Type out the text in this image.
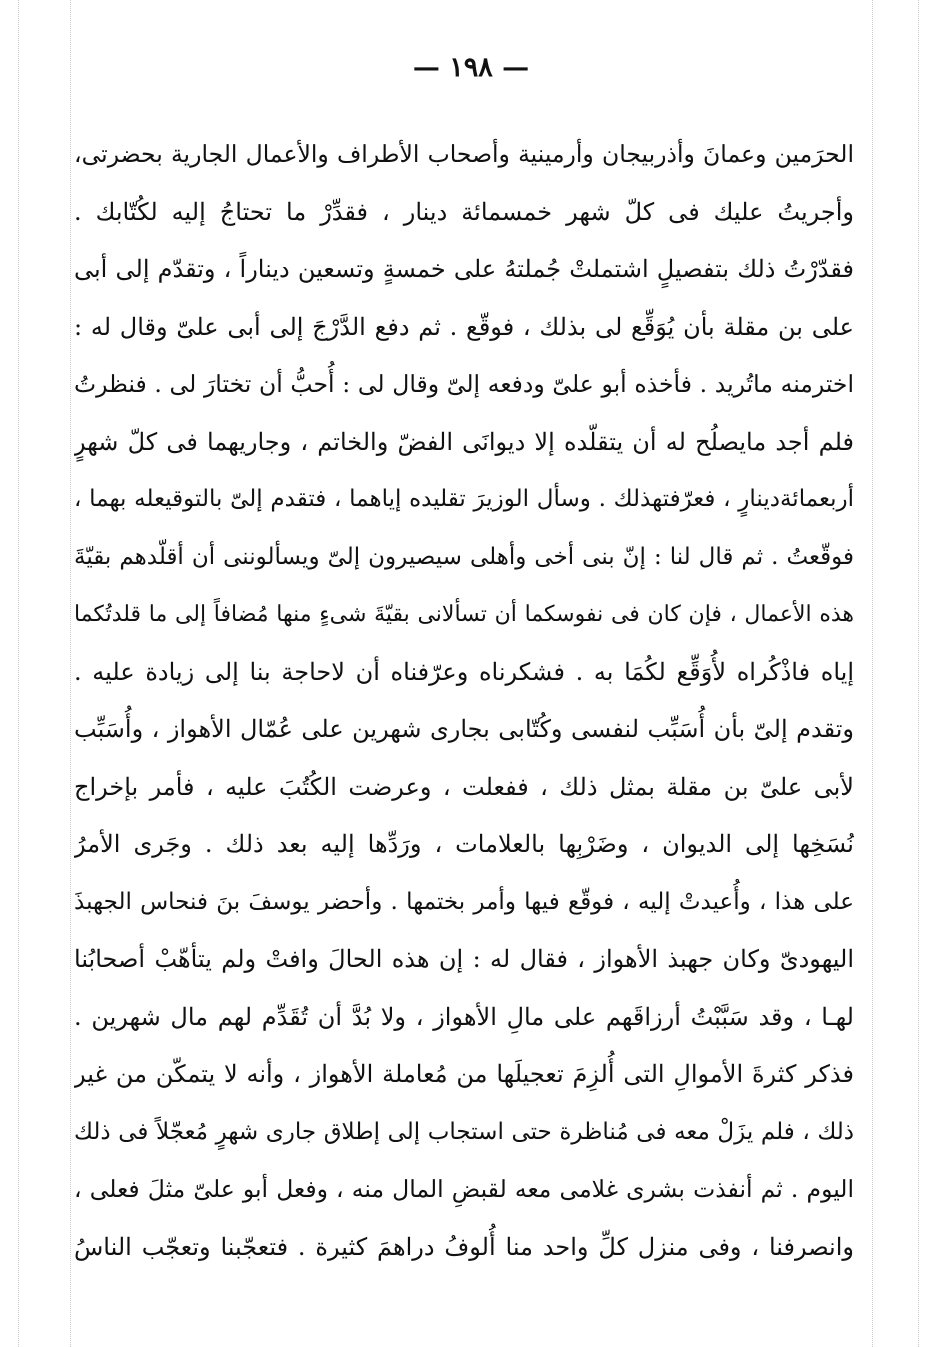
— ١٩٨ —
الحرَمين وعمانَ وأذربيجان وأرمينية وأصحاب الأطراف والأعمال الجارية بحضرتى،
وأجريتُ عليك فى كلّ شهر خمسمائة دينار ، فقدِّرْ ما تحتاجُ إليه لكُتّابك .
فقدّرْتُ ذلك بتفصيلٍ اشتملتْ جُملتهُ على خمسةٍ وتسعين ديناراً ، وتقدّم إلى أبى
على بن مقلة بأن يُوَقِّع لى بذلك ، فوقّع . ثم دفع الدَّرْجَ إلى أبى علىّ وقال له :
اخترمنه ماتُريد . فأخذه أبو علىّ ودفعه إلىّ وقال لى : أُحبُّ أن تختارَ لى . فنظرتُ
فلم أجد مايصلُح له أن يتقلّده إلا ديوانَى الفضّ والخاتم ، وجاريهما فى كلّ شهرٍ
أربعمائةدينارٍ ، فعرّفتهذلك . وسأل الوزيرَ تقليده إياهما ، فتقدم إلىّ بالتوقيعله بهما ،
فوقّعتُ . ثم قال لنا : إنّ بنى أخى وأهلى سيصيرون إلىّ ويسألوننى أن أقلّدهم بقيّةَ
هذه الأعمال ، فإن كان فى نفوسكما أن تسألانى بقيّةَ شىءٍ منها مُضافاً إلى ما قلدتُكما
إياه فاذْكُراه لأُوَقِّع لكُمَا به . فشكرناه وعرّفناه أن لاحاجة بنا إلى زيادة عليه .
وتقدم إلىّ بأن أُسَبِّب لنفسى وكُتّابى بجارى شهرين على عُمّال الأهواز ، وأُسَبِّب
لأبى علىّ بن مقلة بمثل ذلك ، ففعلت ، وعرضت الكُتُبَ عليه ، فأمر بإخراج
نُسَخِها إلى الديوان ، وضَرْبِها بالعلامات ، ورَدِّها إليه بعد ذلك . وجَرى الأمرُ
على هذا ، وأُعيدتْ إليه ، فوقّع فيها وأمر بختمها . وأحضر يوسفَ بنَ فنحاس الجهبذَ
اليهودىّ وكان جهبذ الأهواز ، فقال له : إن هذه الحالَ وافتْ ولم يتأهّبْ أصحابُنا
لهـا ، وقد سَبَّبْتُ أرزاقَهم على مالِ الأهواز ، ولا بُدَّ أن تُقَدِّم لهم مال شهرين .
فذكر كثرةَ الأموالِ التى أُلزِمَ تعجيلَها من مُعاملة الأهواز ، وأنه لا يتمكّن من غير
ذلك ، فلم يزَلْ معه فى مُناظرة حتى استجاب إلى إطلاق جارى شهرٍ مُعجّلاً فى ذلك
اليوم . ثم أنفذت بشرى غلامى معه لقبضِ المال منه ، وفعل أبو علىّ مثلَ فعلى ،
وانصرفنا ، وفى منزل كلِّ واحد منا أُلوفُ دراهمَ كثيرة . فتعجّبنا وتعجّب الناسُ
